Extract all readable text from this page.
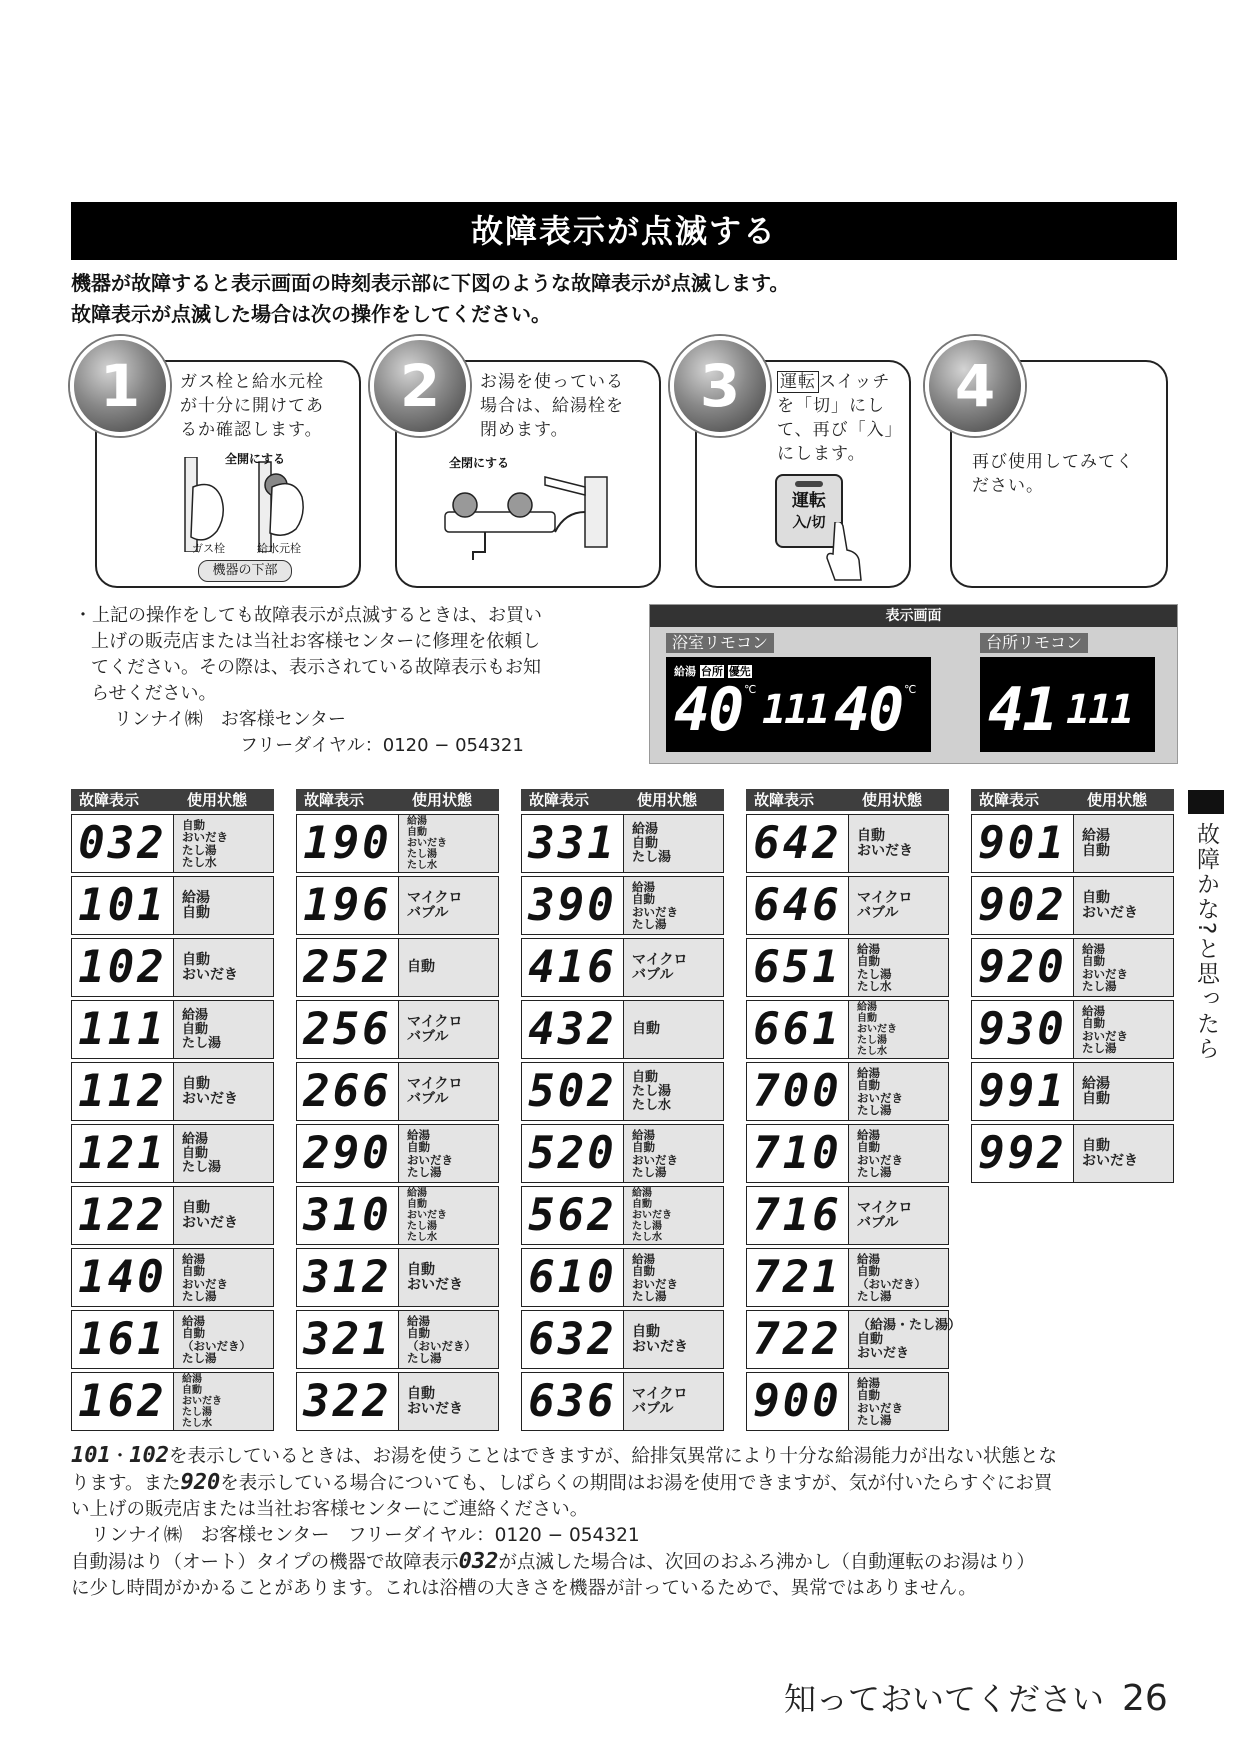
故障表示が点滅する
機器が故障すると表示画面の時刻表示部に下図のような故障表示が点滅します。
故障表示が点滅した場合は次の操作をしてください。
ガス栓と給水元栓
が十分に開けてあ
るか確認します。
全開にする
ガス栓	給水元栓
機器の下部
1	お湯を使っている
場合は、給湯栓を
閉めます。
全閉にする
2	運転 スイッチ
を「切」にし
て、再び「入」
にします。
運転
入/切
3
再び使用してみてく
ださい。
4
・上記の操作をしても故障表示が点滅するときは、お買い
上げの販売店または当社お客様センターに修理を依頼し
てください。その際は、表示されている故障表示もお知
らせください。
リンナイ㈱　お客様センター
フリーダイヤル：0120 − 054321
表示画面
浴室リモコン	台所リモコン
給湯 台所 優先
40 ℃ 111 40 ℃ 41 111
故障表示	使用状態	故障表示	使用状態	故障表示	使用状態	故障表示	使用状態	故障表示	使用状態
032	自動
おいだき
たし湯
たし水
101	給湯
自動
102	自動
おいだき
111	給湯
自動
たし湯
112	自動
おいだき
121	給湯
自動
たし湯
122	自動
おいだき
140	給湯
自動
おいだき
たし湯
161	給湯
自動
（おいだき）
たし湯
162	給湯
自動
おいだき
たし湯
たし水
190	給湯
自動
おいだき
たし湯
たし水
196	マイクロ
バブル
252	自動
256	マイクロ
バブル
266	マイクロ
バブル
290	給湯
自動
おいだき
たし湯
310	給湯
自動
おいだき
たし湯
たし水
312	自動
おいだき
321	給湯
自動
（おいだき）
たし湯
322	自動
おいだき
331	給湯
自動
たし湯
390	給湯
自動
おいだき
たし湯
416	マイクロ
バブル
432	自動
502	自動
たし湯
たし水
520	給湯
自動
おいだき
たし湯
562	給湯
自動
おいだき
たし湯
たし水
610	給湯
自動
おいだき
たし湯
632	自動
おいだき
636	マイクロ
バブル
642	自動
おいだき
646	マイクロ
バブル
651	給湯
自動
たし湯
たし水
661	給湯
自動
おいだき
たし湯
たし水
700	給湯
自動
おいだき
たし湯
710	給湯
自動
おいだき
たし湯
716	マイクロ
バブル
721	給湯
自動
（おいだき）
たし湯
722	（給湯・たし湯）
自動
おいだき
900	給湯
自動
おいだき
たし湯
901	給湯
自動
902	自動
おいだき
920	給湯
自動
おいだき
たし湯
930	給湯
自動
おいだき
たし湯
991	給湯
自動
992	自動
おいだき
故障かな?と思ったら
101・102を表示しているときは、お湯を使うことはできますが、給排気異常により十分な給湯能力が出ない状態とな
ります。また920を表示している場合についても、しばらくの期間はお湯を使用できますが、気が付いたらすぐにお買
い上げの販売店または当社お客様センターにご連絡ください。
リンナイ㈱　お客様センター　フリーダイヤル：0120 − 054321
自動湯はり（オート）タイプの機器で故障表示032が点滅した場合は、次回のおふろ沸かし（自動運転のお湯はり）
に少し時間がかかることがあります。これは浴槽の大きさを機器が計っているためで、異常ではありません。
知っておいてください 26
